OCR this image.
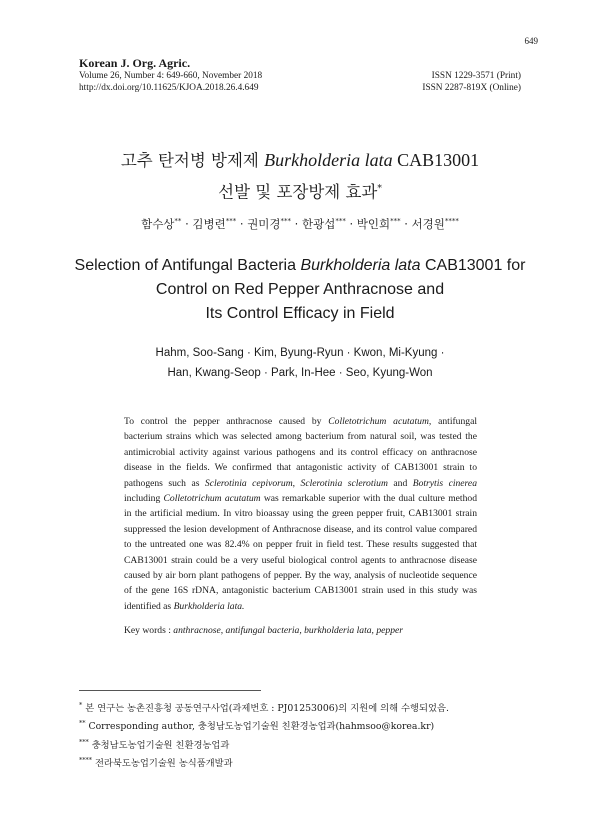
649
Korean J. Org. Agric.
Volume 26, Number 4: 649-660, November 2018	ISSN 1229-3571 (Print)
http://dx.doi.org/10.11625/KJOA.2018.26.4.649	ISSN 2287-819X (Online)
고추 탄저병 방제제 Burkholderia lata CAB13001
선발 및 포장방제 효과*
함수상** · 김병련*** · 권미경*** · 한광섭*** · 박인희*** · 서경원****
Selection of Antifungal Bacteria Burkholderia lata CAB13001 for
Control on Red Pepper Anthracnose and
Its Control Efficacy in Field
Hahm, Soo-Sang · Kim, Byung-Ryun · Kwon, Mi-Kyung ·
Han, Kwang-Seop · Park, In-Hee · Seo, Kyung-Won
To control the pepper anthracnose caused by Colletotrichum acutatum, antifungal bacterium strains which was selected among bacterium from natural soil, was tested the antimicrobial activity against various pathogens and its control efficacy on anthracnose disease in the fields. We confirmed that antagonistic activity of CAB13001 strain to pathogens such as Sclerotinia cepivorum, Sclerotinia sclerotium and Botrytis cinerea including Colletotrichum acutatum was remarkable superior with the dual culture method in the artificial medium. In vitro bioassay using the green pepper fruit, CAB13001 strain suppressed the lesion development of Anthracnose disease, and its control value compared to the untreated one was 82.4% on pepper fruit in field test. These results suggested that CAB13001 strain could be a very useful biological control agents to anthracnose disease caused by air born plant pathogens of pepper. By the way, analysis of nucleotide sequence of the gene 16S rDNA, antagonistic bacterium CAB13001 strain used in this study was identified as Burkholderia lata.
Key words : anthracnose, antifungal bacteria, burkholderia lata, pepper
* 본 연구는 농촌진흥청 공동연구사업(과제번호 : PJ01253006)의 지원에 의해 수행되었음.
** Corresponding author, 충청남도농업기술원 친환경농업과(hahmsoo@korea.kr)
*** 충청남도농업기술원 친환경농업과
**** 전라북도농업기술원 농식품개발과
